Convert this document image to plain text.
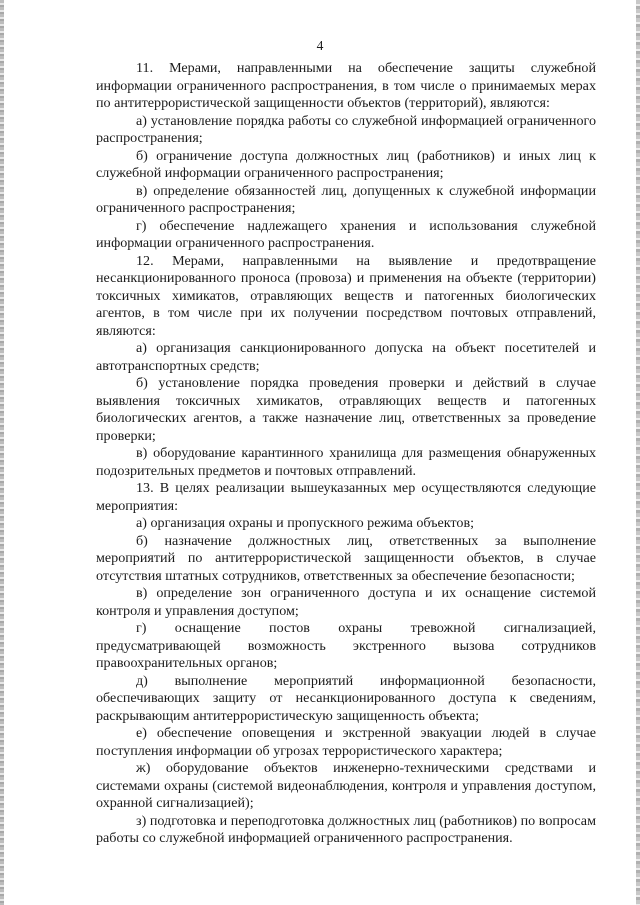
4

11. Мерами, направленными на обеспечение защиты служебной информации ограниченного распространения, в том числе о принимаемых мерах по антитеррористической защищенности объектов (территорий), являются:

а) установление порядка работы со служебной информацией ограниченного распространения;

б) ограничение доступа должностных лиц (работников) и иных лиц к служебной информации ограниченного распространения;

в) определение обязанностей лиц, допущенных к служебной информации ограниченного распространения;

г) обеспечение надлежащего хранения и использования служебной информации ограниченного распространения.

12. Мерами, направленными на выявление и предотвращение несанкционированного проноса (провоза) и применения на объекте (территории) токсичных химикатов, отравляющих веществ и патогенных биологических агентов, в том числе при их получении посредством почтовых отправлений, являются:

а) организация санкционированного допуска на объект посетителей и автотранспортных средств;

б) установление порядка проведения проверки и действий в случае выявления токсичных химикатов, отравляющих веществ и патогенных биологических агентов, а также назначение лиц, ответственных за проведение проверки;

в) оборудование карантинного хранилища для размещения обнаруженных подозрительных предметов и почтовых отправлений.

13. В целях реализации вышеуказанных мер осуществляются следующие мероприятия:

а) организация охраны и пропускного режима объектов;

б) назначение должностных лиц, ответственных за выполнение мероприятий по антитеррористической защищенности объектов, в случае отсутствия штатных сотрудников, ответственных за обеспечение безопасности;

в) определение зон ограниченного доступа и их оснащение системой контроля и управления доступом;

г) оснащение постов охраны тревожной сигнализацией, предусматривающей возможность экстренного вызова сотрудников правоохранительных органов;

д) выполнение мероприятий информационной безопасности, обеспечивающих защиту от несанкционированного доступа к сведениям, раскрывающим антитеррористическую защищенность объекта;

е) обеспечение оповещения и экстренной эвакуации людей в случае поступления информации об угрозах террористического характера;

ж) оборудование объектов инженерно-техническими средствами и системами охраны (системой видеонаблюдения, контроля и управления доступом, охранной сигнализацией);

з) подготовка и переподготовка должностных лиц (работников) по вопросам работы со служебной информацией ограниченного распространения.
